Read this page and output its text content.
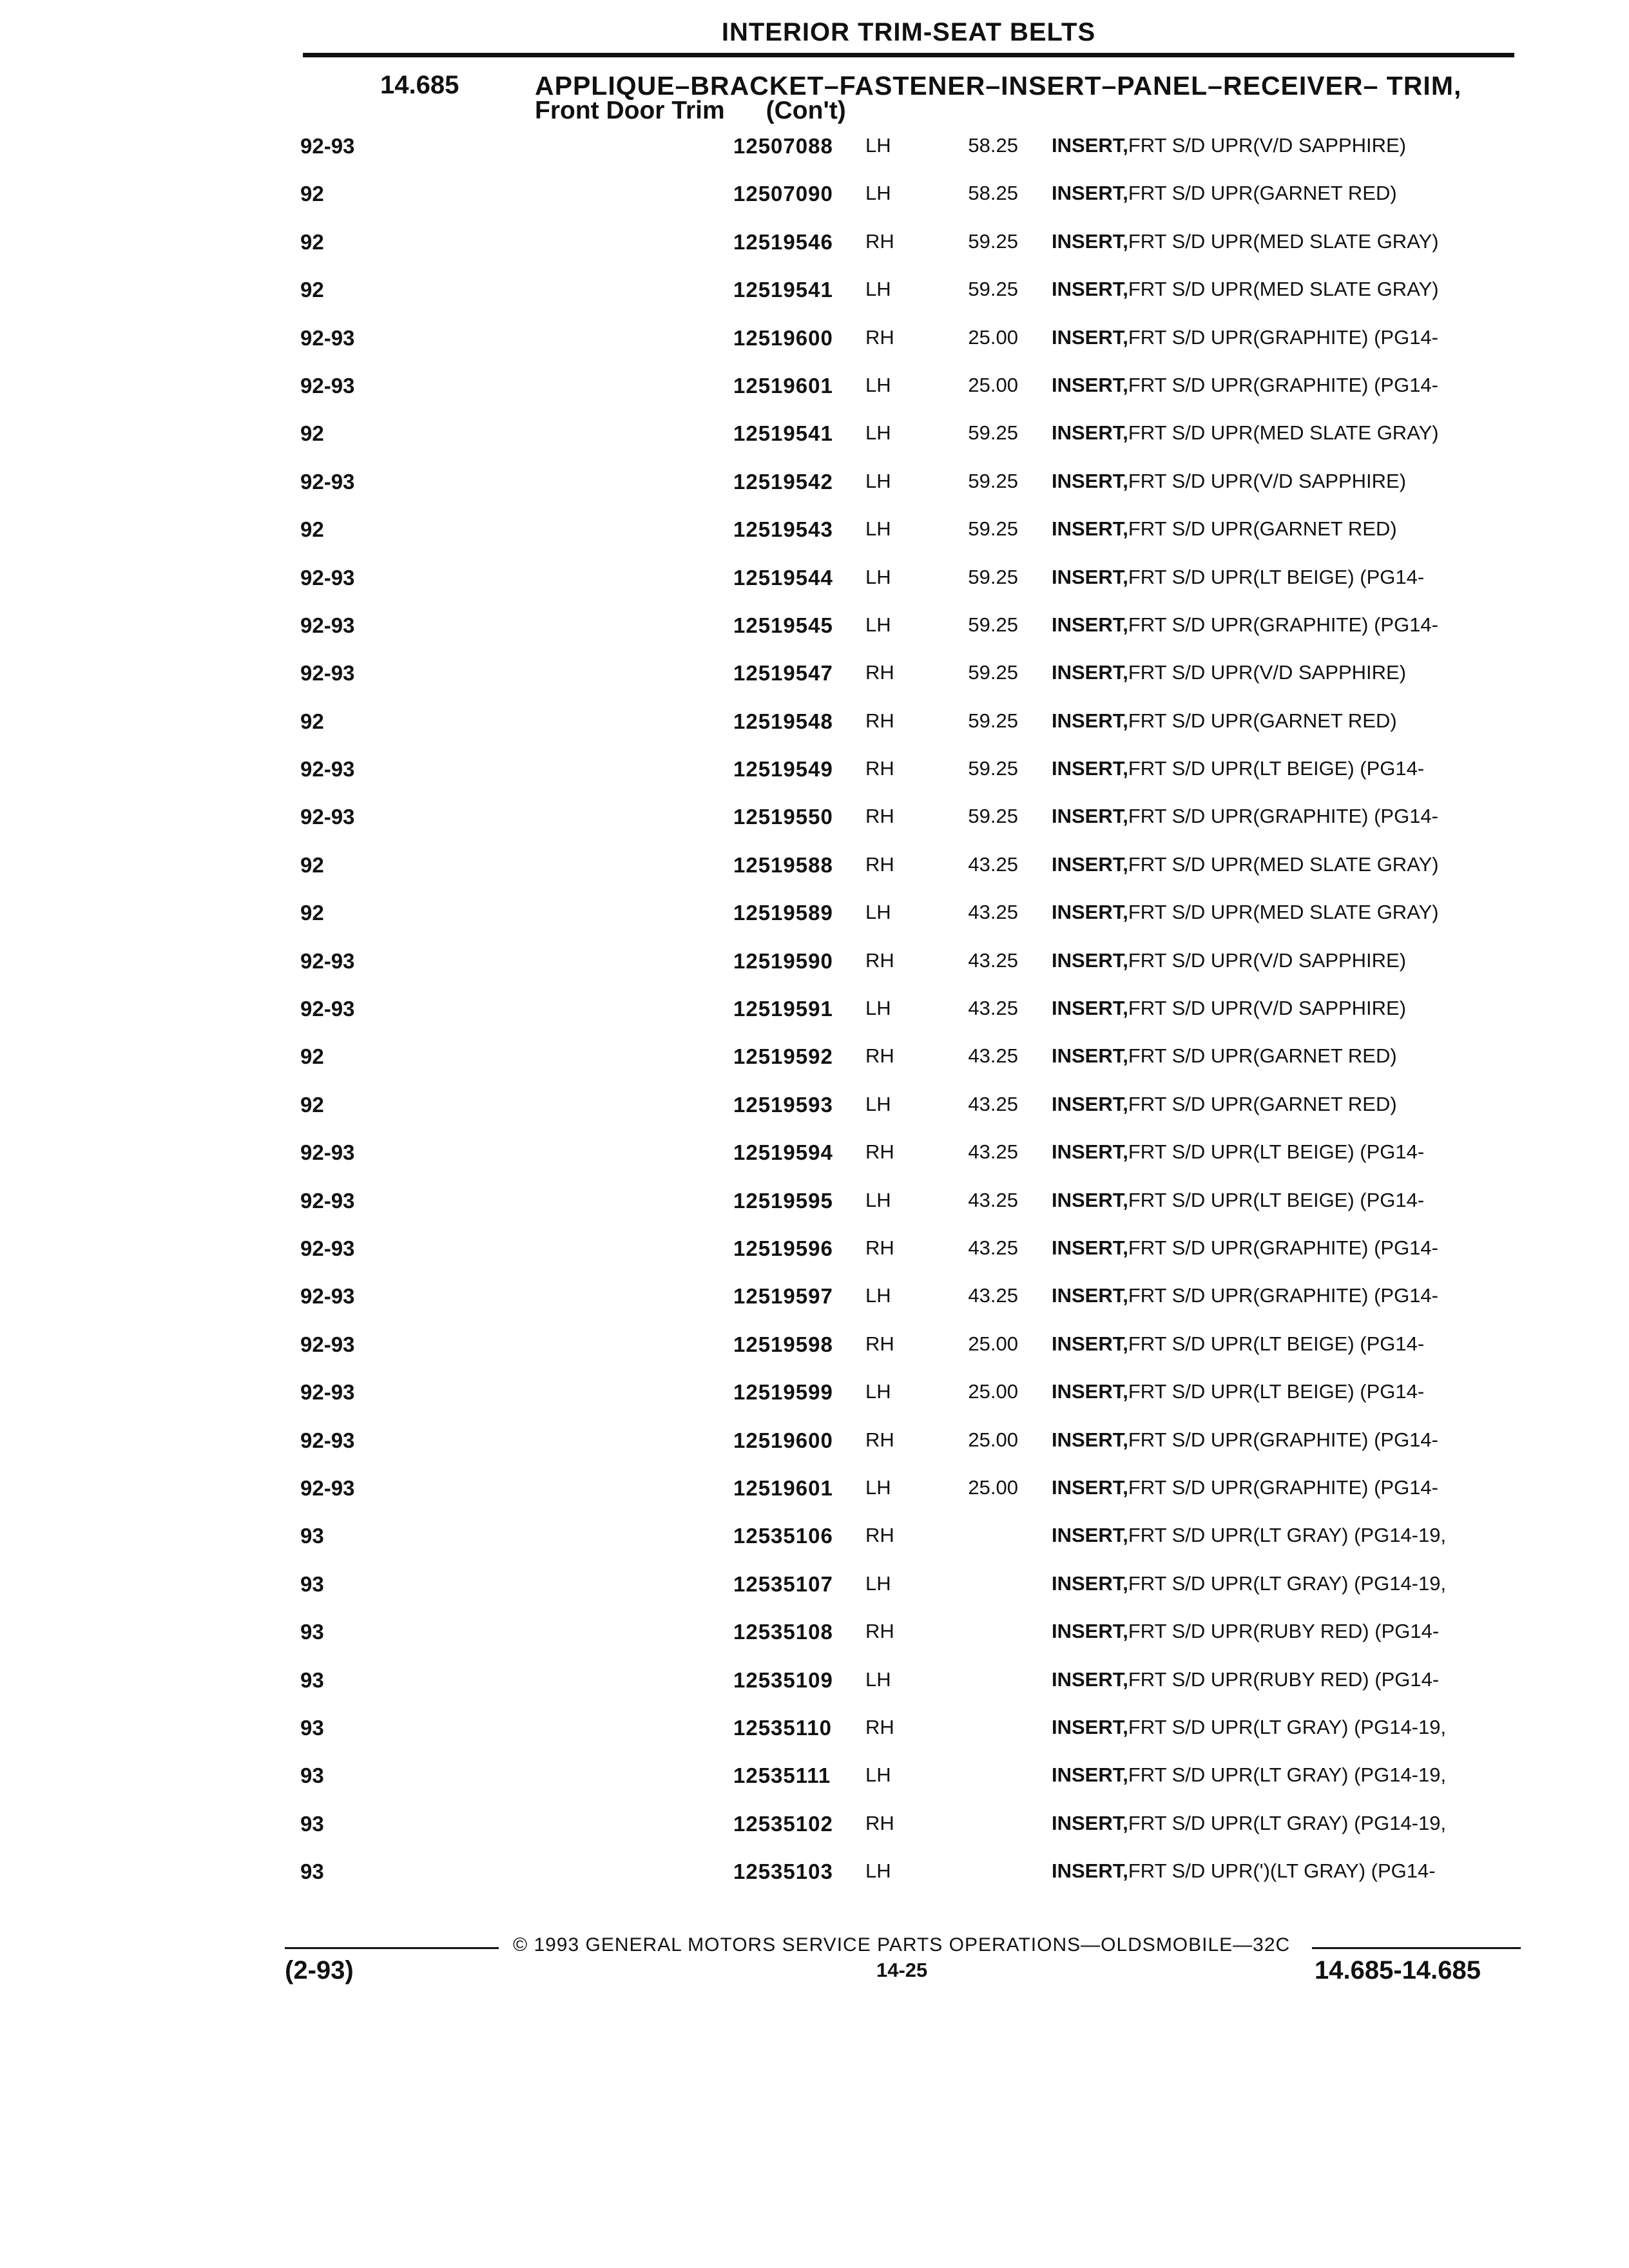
INTERIOR TRIM-SEAT BELTS
14.685	APPLIQUE–BRACKET–FASTENER–INSERT–PANEL–RECEIVER– TRIM,
Front Door Trim (Con't)
92-93	12507088 LH	58.25 INSERT, FRT S/D UPR(V/D SAPPHIRE)
92	12507090 LH	58.25 INSERT, FRT S/D UPR(GARNET RED)
92	12519546 RH	59.25 INSERT, FRT S/D UPR(MED SLATE GRAY)
92	12519541 LH	59.25 INSERT, FRT S/D UPR(MED SLATE GRAY)
92-93	12519600 RH	25.00 INSERT, FRT S/D UPR(GRAPHITE) (PG14-
92-93	12519601 LH	25.00 INSERT, FRT S/D UPR(GRAPHITE) (PG14-
92	12519541 LH	59.25 INSERT, FRT S/D UPR(MED SLATE GRAY)
92-93	12519542 LH	59.25 INSERT, FRT S/D UPR(V/D SAPPHIRE)
92	12519543 LH	59.25 INSERT, FRT S/D UPR(GARNET RED)
92-93	12519544 LH	59.25 INSERT, FRT S/D UPR(LT BEIGE) (PG14-
92-93	12519545 LH	59.25 INSERT, FRT S/D UPR(GRAPHITE) (PG14-
92-93	12519547 RH	59.25 INSERT, FRT S/D UPR(V/D SAPPHIRE)
92	12519548 RH	59.25 INSERT, FRT S/D UPR(GARNET RED)
92-93	12519549 RH	59.25 INSERT, FRT S/D UPR(LT BEIGE) (PG14-
92-93	12519550 RH	59.25 INSERT, FRT S/D UPR(GRAPHITE) (PG14-
92	12519588 RH	43.25 INSERT, FRT S/D UPR(MED SLATE GRAY)
92	12519589 LH	43.25 INSERT, FRT S/D UPR(MED SLATE GRAY)
92-93	12519590 RH	43.25 INSERT, FRT S/D UPR(V/D SAPPHIRE)
92-93	12519591 LH	43.25 INSERT, FRT S/D UPR(V/D SAPPHIRE)
92	12519592 RH	43.25 INSERT, FRT S/D UPR(GARNET RED)
92	12519593 LH	43.25 INSERT, FRT S/D UPR(GARNET RED)
92-93	12519594 RH	43.25 INSERT, FRT S/D UPR(LT BEIGE) (PG14-
92-93	12519595 LH	43.25 INSERT, FRT S/D UPR(LT BEIGE) (PG14-
92-93	12519596 RH	43.25 INSERT, FRT S/D UPR(GRAPHITE) (PG14-
92-93	12519597 LH	43.25 INSERT, FRT S/D UPR(GRAPHITE) (PG14-
92-93	12519598 RH	25.00 INSERT, FRT S/D UPR(LT BEIGE) (PG14-
92-93	12519599 LH	25.00 INSERT, FRT S/D UPR(LT BEIGE) (PG14-
92-93	12519600 RH	25.00 INSERT, FRT S/D UPR(GRAPHITE) (PG14-
92-93	12519601 LH	25.00 INSERT, FRT S/D UPR(GRAPHITE) (PG14-
93	12535106 RH	INSERT, FRT S/D UPR(LT GRAY) (PG14-19,
93	12535107 LH	INSERT, FRT S/D UPR(LT GRAY) (PG14-19,
93	12535108 RH	INSERT, FRT S/D UPR(RUBY RED) (PG14-
93	12535109 LH	INSERT, FRT S/D UPR(RUBY RED) (PG14-
93	12535110 RH	INSERT, FRT S/D UPR(LT GRAY) (PG14-19,
93	12535111 LH	INSERT, FRT S/D UPR(LT GRAY) (PG14-19,
93	12535102 RH	INSERT, FRT S/D UPR(LT GRAY) (PG14-19,
93	12535103 LH	INSERT, FRT S/D UPR(')(LT GRAY) (PG14-
© 1993 GENERAL MOTORS SERVICE PARTS OPERATIONS—OLDSMOBILE—32C
(2-93)	14-25	14.685-14.685
